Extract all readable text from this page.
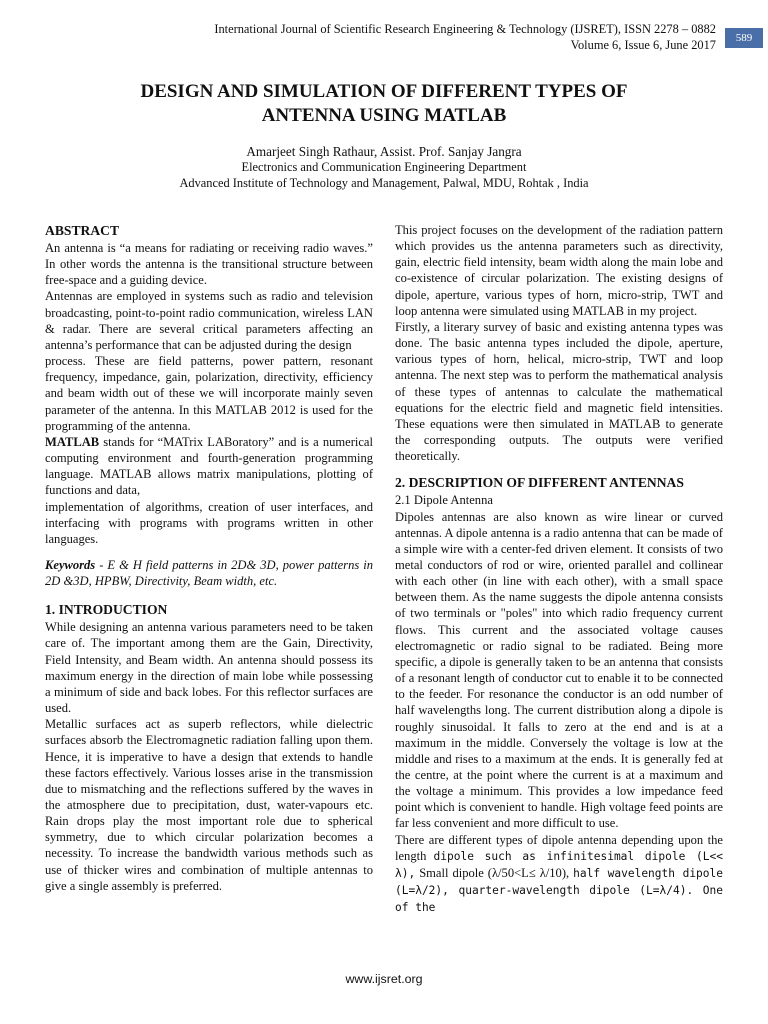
International Journal of Scientific Research Engineering & Technology (IJSRET), ISSN 2278 – 0882
Volume 6, Issue 6, June 2017	589
DESIGN AND SIMULATION OF DIFFERENT TYPES OF
ANTENNA USING MATLAB
Amarjeet Singh Rathaur, Assist. Prof. Sanjay Jangra
Electronics and Communication Engineering Department
Advanced Institute of Technology and Management, Palwal, MDU, Rohtak , India

ABSTRACT

An antenna is “a means for radiating or receiving radio waves.” In other words the antenna is the transitional structure between free-space and a guiding device.

Antennas are employed in systems such as radio and television broadcasting, point-to-point radio communication, wireless LAN & radar. There are several critical parameters affecting an antenna’s performance that can be adjusted during the design

process. These are field patterns, power pattern, resonant frequency, impedance, gain, polarization, directivity, efficiency and beam width out of these we will incorporate mainly seven parameter of the antenna. In this MATLAB 2012 is used for the programming of the antenna.

MATLAB stands for “MATrix LABoratory” and is a numerical computing environment and fourth-generation programming language. MATLAB allows matrix manipulations, plotting of functions and data,

implementation of algorithms, creation of user interfaces, and interfacing with programs with programs written in other languages.

Keywords - E & H field patterns in 2D& 3D, power patterns in 2D &3D, HPBW, Directivity, Beam width, etc.

1. INTRODUCTION

While designing an antenna various parameters need to be taken care of. The important among them are the Gain, Directivity, Field Intensity, and Beam width. An antenna should possess its maximum energy in the direction of main lobe while possessing a minimum of side and back lobes. For this reflector surfaces are used.

Metallic surfaces act as superb reflectors, while dielectric surfaces absorb the Electromagnetic radiation falling upon them. Hence, it is imperative to have a design that extends to handle these factors effectively. Various losses arise in the transmission due to mismatching and the reflections suffered by the waves in the atmosphere due to precipitation, dust, water-vapours etc. Rain drops play the most important role due to spherical symmetry, due to which circular polarization becomes a necessity. To increase the bandwidth various methods such as use of thicker wires and combination of multiple antennas to give a single assembly is preferred.

This project focuses on the development of the radiation pattern which provides us the antenna parameters such as directivity, gain, electric field intensity, beam width along the main lobe and co-existence of circular polarization. The existing designs of dipole, aperture, various types of horn, micro-strip, TWT and loop antenna were simulated using MATLAB in my project.

Firstly, a literary survey of basic and existing antenna types was done. The basic antenna types included the dipole, aperture, various types of horn, helical, micro-strip, TWT and loop antenna. The next step was to perform the mathematical analysis of these types of antennas to calculate the mathematical equations for the electric field and magnetic field intensities. These equations were then simulated in MATLAB to generate the corresponding outputs. The outputs were verified theoretically.

2. DESCRIPTION OF DIFFERENT ANTENNAS

2.1 Dipole Antenna

Dipoles antennas are also known as wire linear or curved antennas. A dipole antenna is a radio antenna that can be made of a simple wire with a center-fed driven element. It consists of two metal conductors of rod or wire, oriented parallel and collinear with each other (in line with each other), with a small space between them. As the name suggests the dipole antenna consists of two terminals or "poles" into which radio frequency current flows. This current and the associated voltage causes electromagnetic or radio signal to be radiated. Being more specific, a dipole is generally taken to be an antenna that consists of a resonant length of conductor cut to enable it to be connected to the feeder. For resonance the conductor is an odd number of half wavelengths long. The current distribution along a dipole is roughly sinusoidal. It falls to zero at the end and is at a maximum in the middle. Conversely the voltage is low at the middle and rises to a maximum at the ends. It is generally fed at the centre, at the point where the current is at a maximum and the voltage a minimum. This provides a low impedance feed point which is convenient to handle. High voltage feed points are far less convenient and more difficult to use.

There are different types of dipole antenna depending upon the length dipole such as infinitesimal dipole (L<< λ), Small dipole (λ/50<L≤ λ/10), half wavelength dipole (L=λ/2), quarter-wavelength dipole (L=λ/4). One of the

www.ijsret.org
